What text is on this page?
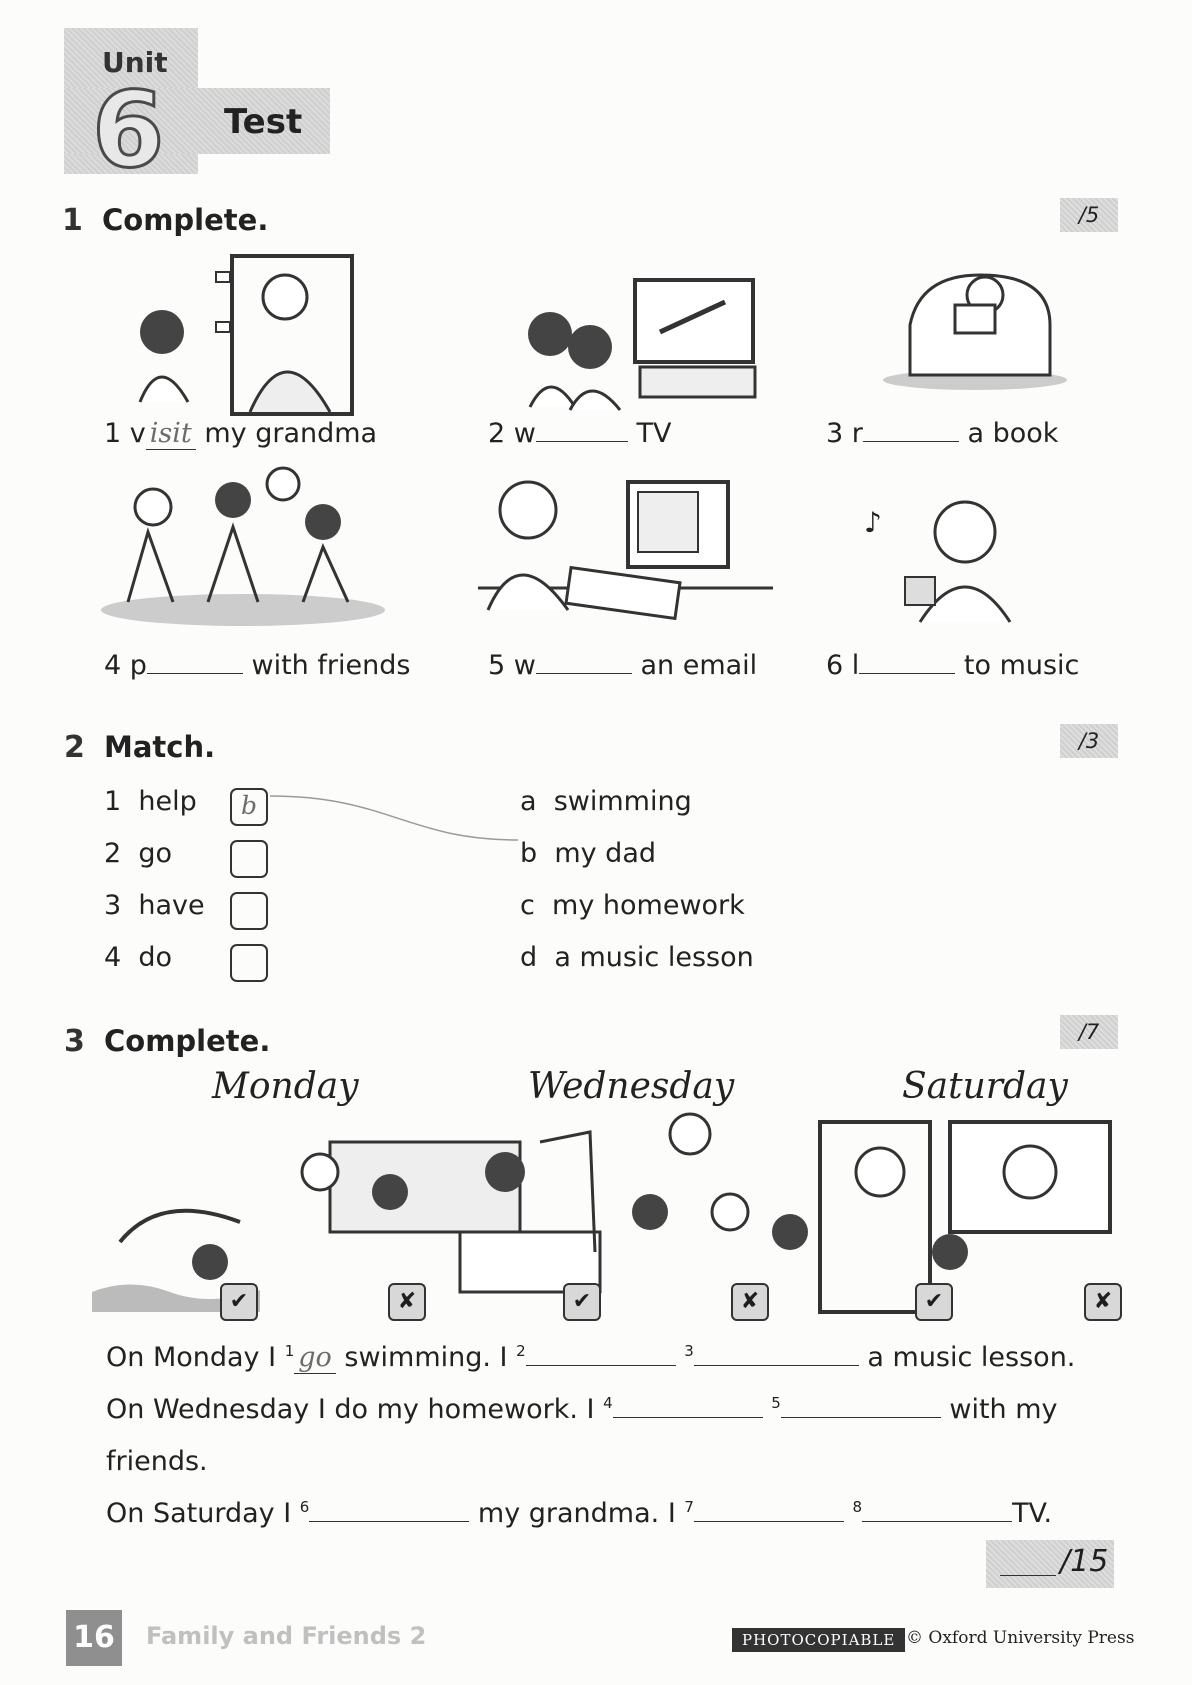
Unit
6 Test
1 Complete.	/5
♪
1 v isit my grandma	2 w	TV	3 r	a book
4 p	with friends	5 w	an email	6 l	to music
2 Match.	/3
1 help
2 go
3 have
4 do
b	a swimming
b my dad
c my homework
d a music lesson
3 Complete.	/7
Monday	Wednesday	Saturday
✔	✘	✔	✘	✔	✘
On Monday I $^1$ go swimming. I $^2$	$^3$	a music lesson.
On Wednesday I do my homework. I $^4$	$^5$	with my
friends.
On Saturday I $^6$	my grandma. I $^7$	$^8$	TV.
/15
16 Family and Friends 2	PHOTOCOPIABLE © Oxford University Press
